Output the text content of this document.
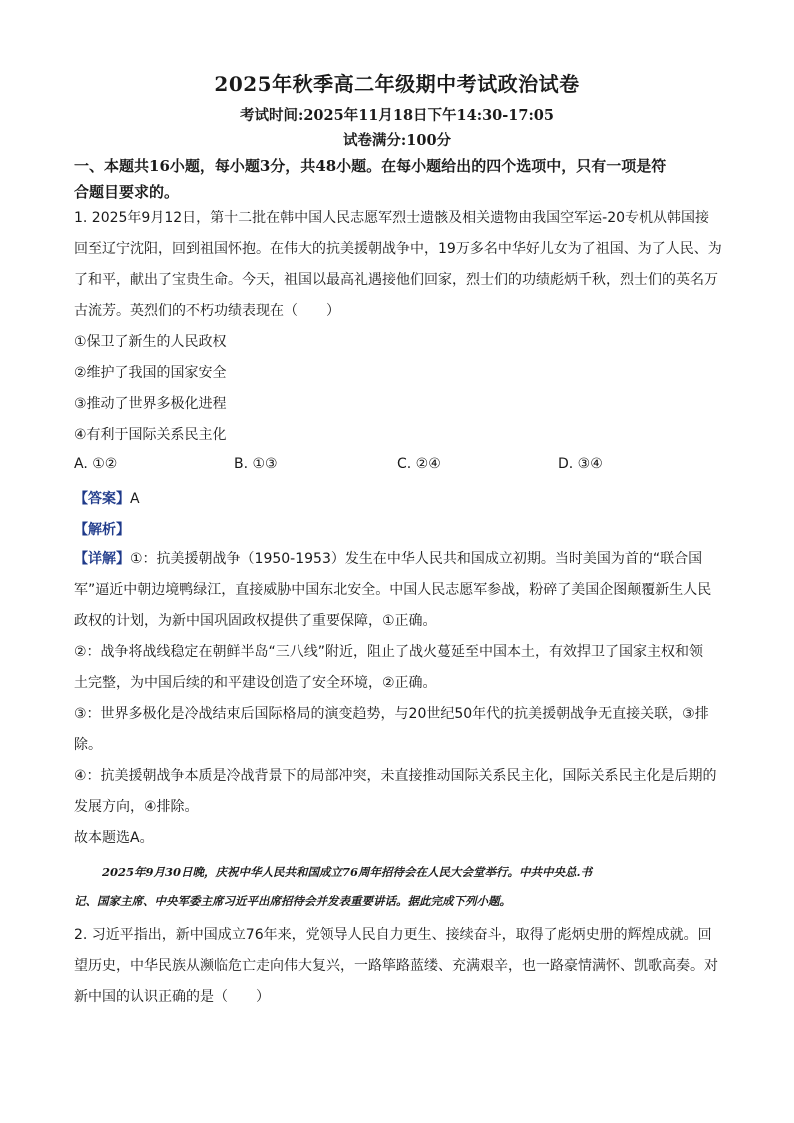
2025年秋季高二年级期中考试政治试卷
考试时间:2025年11月18日下午14:30-17:05
试卷满分:100分
一、本题共16小题，每小题3分，共48小题。在每小题给出的四个选项中，只有一项是符
合题目要求的。
1. 2025年9月12日，第十二批在韩中国人民志愿军烈士遗骸及相关遗物由我国空军运-20专机从韩国接
回至辽宁沈阳，回到祖国怀抱。在伟大的抗美援朝战争中，19万多名中华好儿女为了祖国、为了人民、为
了和平，献出了宝贵生命。今天，祖国以最高礼遇接他们回家，烈士们的功绩彪炳千秋，烈士们的英名万
古流芳。英烈们的不朽功绩表现在（　　）
①保卫了新生的人民政权
②维护了我国的国家安全
③推动了世界多极化进程
④有利于国际关系民主化
A. ①②	B. ①③	C. ②④	D. ③④
【答案】A
【解析】
【详解】①：抗美援朝战争（1950-1953）发生在中华人民共和国成立初期。当时美国为首的“联合国
军”逼近中朝边境鸭绿江，直接威胁中国东北安全。中国人民志愿军参战，粉碎了美国企图颠覆新生人民
政权的计划，为新中国巩固政权提供了重要保障，①正确。
②：战争将战线稳定在朝鲜半岛“三八线”附近，阻止了战火蔓延至中国本土，有效捍卫了国家主权和领
土完整，为中国后续的和平建设创造了安全环境，②正确。
③：世界多极化是冷战结束后国际格局的演变趋势，与20世纪50年代的抗美援朝战争无直接关联，③排
除。
④：抗美援朝战争本质是冷战背景下的局部冲突，未直接推动国际关系民主化，国际关系民主化是后期的
发展方向，④排除。
故本题选A。
2025年9月30日晚，庆祝中华人民共和国成立76周年招待会在人民大会堂举行。中共中央总.书
记、国家主席、中央军委主席习近平出席招待会并发表重要讲话。据此完成下列小题。
2. 习近平指出，新中国成立76年来，党领导人民自力更生、接续奋斗，取得了彪炳史册的辉煌成就。回
望历史，中华民族从濒临危亡走向伟大复兴，一路筚路蓝缕、充满艰辛，也一路豪情满怀、凯歌高奏。对
新中国的认识正确的是（　　）
